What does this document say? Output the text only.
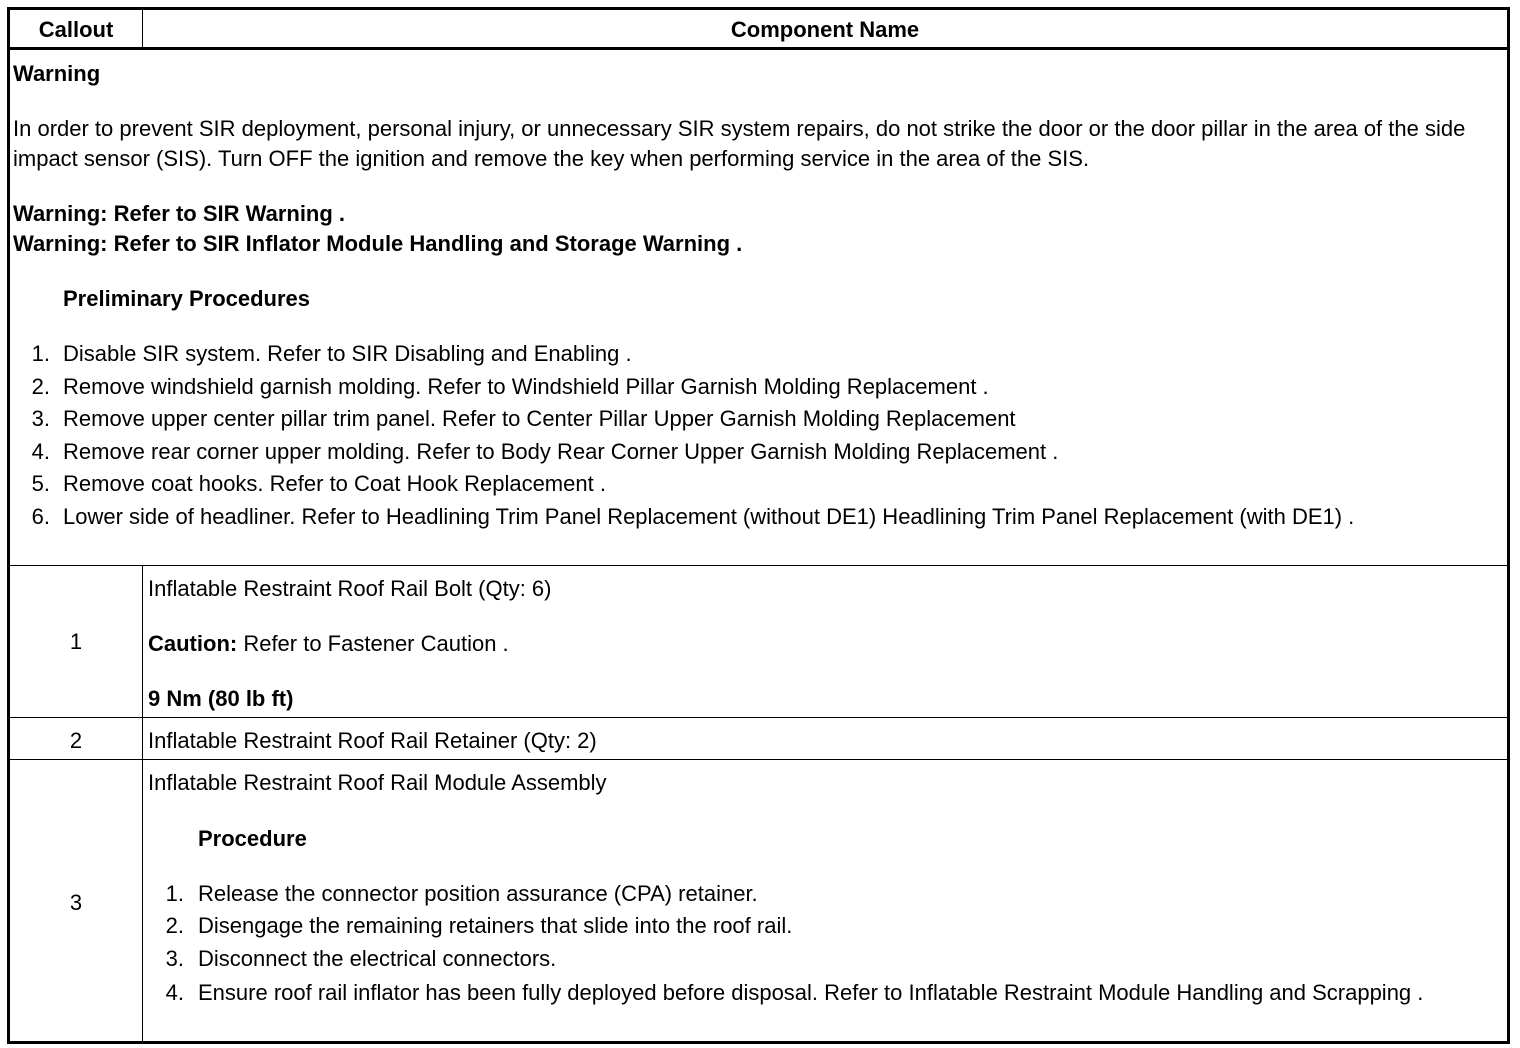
Callout	Component Name
Warning
In order to prevent SIR deployment, personal injury, or unnecessary SIR system repairs, do not strike the door or the door pillar in the area of the side impact sensor (SIS). Turn OFF the ignition and remove the key when performing service in the area of the SIS.
Warning: Refer to SIR Warning .
Warning: Refer to SIR Inflator Module Handling and Storage Warning .
Preliminary Procedures
1. Disable SIR system. Refer to SIR Disabling and Enabling .
2. Remove windshield garnish molding. Refer to Windshield Pillar Garnish Molding Replacement .
3. Remove upper center pillar trim panel. Refer to Center Pillar Upper Garnish Molding Replacement
4. Remove rear corner upper molding. Refer to Body Rear Corner Upper Garnish Molding Replacement .
5. Remove coat hooks. Refer to Coat Hook Replacement .
6. Lower side of headliner. Refer to Headlining Trim Panel Replacement (without DE1) Headlining Trim Panel Replacement (with DE1) .
1
Inflatable Restraint Roof Rail Bolt (Qty: 6)
Caution: Refer to Fastener Caution .
9 Nm (80 lb ft)
2	Inflatable Restraint Roof Rail Retainer (Qty: 2)
3
Inflatable Restraint Roof Rail Module Assembly
Procedure
1. Release the connector position assurance (CPA) retainer.
2. Disengage the remaining retainers that slide into the roof rail.
3. Disconnect the electrical connectors.
4. Ensure roof rail inflator has been fully deployed before disposal. Refer to Inflatable Restraint Module Handling and Scrapping .
